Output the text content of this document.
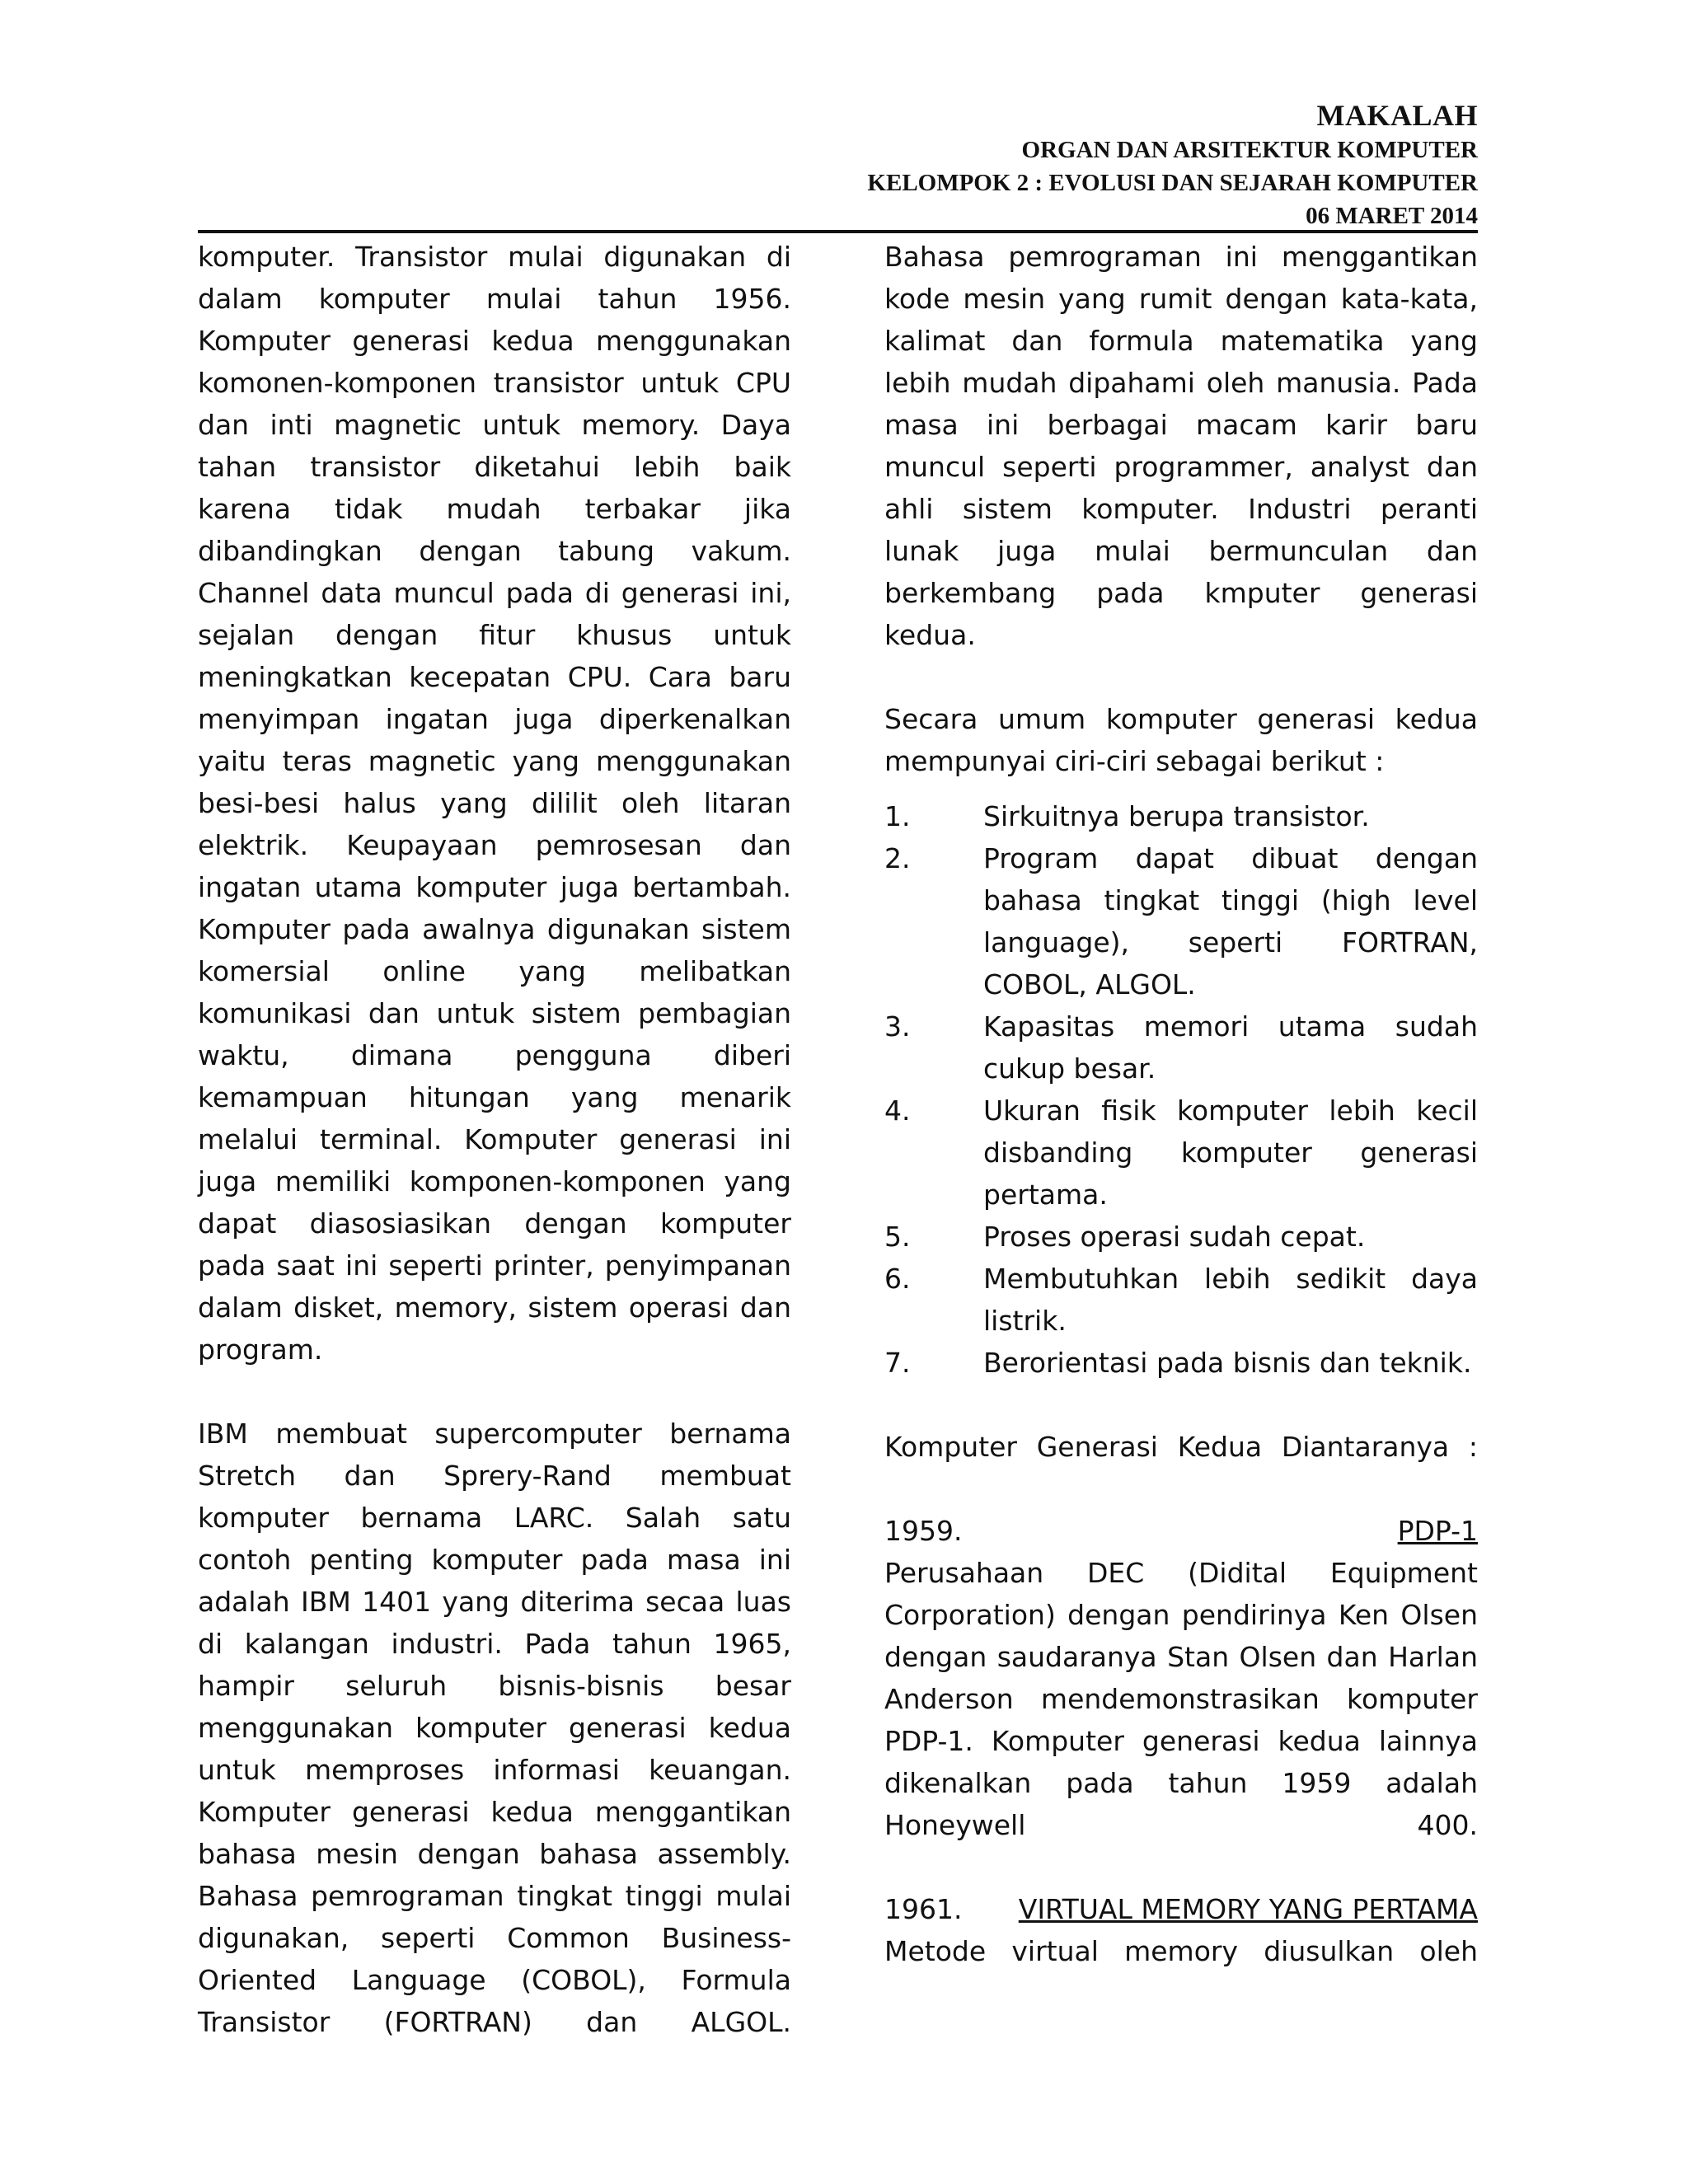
MAKALAH
ORGAN DAN ARSITEKTUR KOMPUTER
KELOMPOK 2 : EVOLUSI DAN SEJARAH KOMPUTER
06 MARET 2014

komputer. Transistor mulai digunakan di dalam komputer mulai tahun 1956. Komputer generasi kedua menggunakan komonen-komponen transistor untuk CPU dan inti magnetic untuk memory. Daya tahan transistor diketahui lebih baik karena tidak mudah terbakar jika dibandingkan dengan tabung vakum. Channel data muncul pada di generasi ini, sejalan dengan fitur khusus untuk meningkatkan kecepatan CPU. Cara baru menyimpan ingatan juga diperkenalkan yaitu teras magnetic yang menggunakan besi-besi halus yang dililit oleh litaran elektrik. Keupayaan pemrosesan dan ingatan utama komputer juga bertambah. Komputer pada awalnya digunakan sistem komersial online yang melibatkan komunikasi dan untuk sistem pembagian waktu, dimana pengguna diberi kemampuan hitungan yang menarik melalui terminal. Komputer generasi ini juga memiliki komponen-komponen yang dapat diasosiasikan dengan komputer pada saat ini seperti printer, penyimpanan dalam disket, memory, sistem operasi dan program.

IBM membuat supercomputer bernama Stretch dan Sprery-Rand membuat komputer bernama LARC. Salah satu contoh penting komputer pada masa ini adalah IBM 1401 yang diterima secaa luas di kalangan industri. Pada tahun 1965, hampir seluruh bisnis-bisnis besar menggunakan komputer generasi kedua untuk memproses informasi keuangan. Komputer generasi kedua menggantikan bahasa mesin dengan bahasa assembly. Bahasa pemrograman tingkat tinggi mulai digunakan, seperti Common Business-Oriented Language (COBOL), Formula Transistor (FORTRAN) dan ALGOL.

Bahasa pemrograman ini menggantikan kode mesin yang rumit dengan kata-kata, kalimat dan formula matematika yang lebih mudah dipahami oleh manusia. Pada masa ini berbagai macam karir baru muncul seperti programmer, analyst dan ahli sistem komputer. Industri peranti lunak juga mulai bermunculan dan berkembang pada kmputer generasi kedua.

Secara umum komputer generasi kedua mempunyai ciri-ciri sebagai berikut :

1.	Sirkuitnya berupa transistor.
2.	Program dapat dibuat dengan bahasa tingkat tinggi (high level language), seperti FORTRAN, COBOL, ALGOL.
3.	Kapasitas memori utama sudah cukup besar.
4.	Ukuran fisik komputer lebih kecil disbanding komputer generasi pertama.
5.	Proses operasi sudah cepat.
6.	Membutuhkan lebih sedikit daya listrik.
7.	Berorientasi pada bisnis dan teknik.

Komputer Generasi Kedua Diantaranya :

1959.	PDP-1

Perusahaan DEC (Didital Equipment Corporation) dengan pendirinya Ken Olsen dengan saudaranya Stan Olsen dan Harlan Anderson mendemonstrasikan komputer PDP-1. Komputer generasi kedua lainnya dikenalkan pada tahun 1959 adalah Honeywell 400.

1961. VIRTUAL MEMORY YANG PERTAMA

Metode virtual memory diusulkan oleh
